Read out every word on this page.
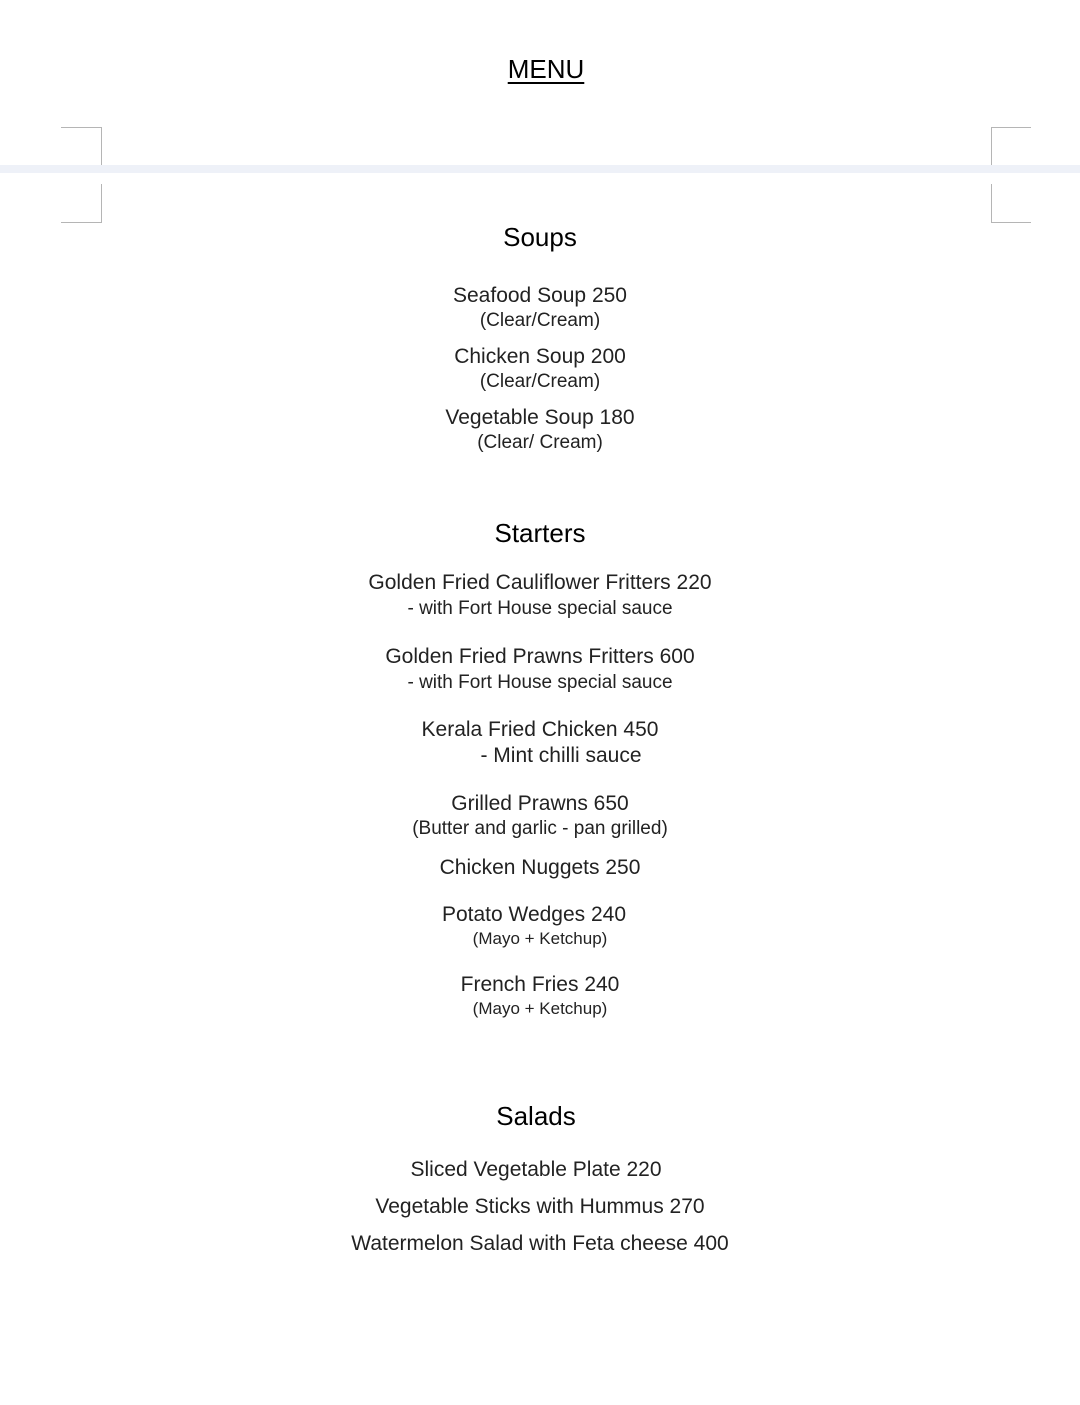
MENU
Soups
Seafood Soup 250
(Clear/Cream)
Chicken Soup 200
(Clear/Cream)
Vegetable Soup 180
(Clear/ Cream)
Starters
Golden Fried Cauliflower Fritters 220
- with Fort House special sauce
Golden Fried Prawns Fritters 600
- with Fort House special sauce
Kerala Fried Chicken 450
- Mint chilli sauce
Grilled Prawns 650
(Butter and garlic - pan grilled)
Chicken Nuggets 250
Potato Wedges 240
(Mayo + Ketchup)
French Fries 240
(Mayo + Ketchup)
Salads
Sliced Vegetable Plate 220
Vegetable Sticks with Hummus 270
Watermelon Salad with Feta cheese 400
